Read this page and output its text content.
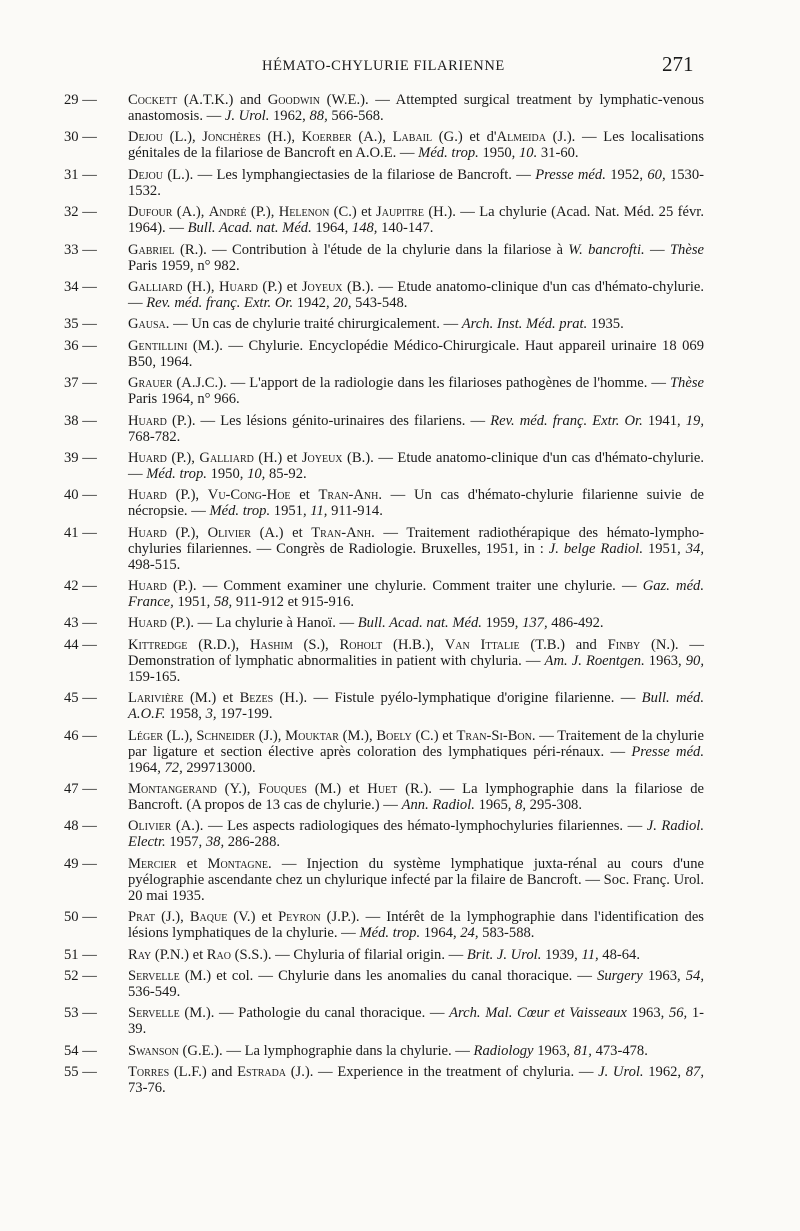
HÉMATO-CHYLURIE FILARIENNE	271
29 —	Cockett (A.T.K.) and Goodwin (W.E.). — Attempted surgical treatment by lymphatic-venous anastomosis. — J. Urol. 1962, 88, 566-568.
30 —	Dejou (L.), Jonchères (H.), Koerber (A.), Labail (G.) et d'Almeida (J.). — Les localisations génitales de la filariose de Bancroft en A.O.E. — Méd. trop. 1950, 10. 31-60.
31 —	Dejou (L.). — Les lymphangiectasies de la filariose de Bancroft. — Presse méd. 1952, 60, 1530-1532.
32 —	Dufour (A.), André (P.), Helenon (C.) et Jaupitre (H.). — La chylurie (Acad. Nat. Méd. 25 févr. 1964). — Bull. Acad. nat. Méd. 1964, 148, 140-147.
33 —	Gabriel (R.). — Contribution à l'étude de la chylurie dans la filariose à W. bancrofti. — Thèse Paris 1959, n° 982.
34 —	Galliard (H.), Huard (P.) et Joyeux (B.). — Etude anatomo-clinique d'un cas d'hémato-chylurie. — Rev. méd. franç. Extr. Or. 1942, 20, 543-548.
35 —	Gausa. — Un cas de chylurie traité chirurgicalement. — Arch. Inst. Méd. prat. 1935.
36 —	Gentillini (M.). — Chylurie. Encyclopédie Médico-Chirurgicale. Haut appareil urinaire 18 069 B50, 1964.
37 —	Grauer (A.J.C.). — L'apport de la radiologie dans les filarioses pathogènes de l'homme. — Thèse Paris 1964, n° 966.
38 —	Huard (P.). — Les lésions génito-urinaires des filariens. — Rev. méd. franç. Extr. Or. 1941, 19, 768-782.
39 —	Huard (P.), Galliard (H.) et Joyeux (B.). — Etude anatomo-clinique d'un cas d'hémato-chylurie. — Méd. trop. 1950, 10, 85-92.
40 —	Huard (P.), Vu-Cong-Hoe et Tran-Anh. — Un cas d'hémato-chylurie filarienne suivie de nécropsie. — Méd. trop. 1951, 11, 911-914.
41 —	Huard (P.), Olivier (A.) et Tran-Anh. — Traitement radiothérapique des hémato-lympho-chyluries filariennes. — Congrès de Radiologie. Bruxelles, 1951, in : J. belge Radiol. 1951, 34, 498-515.
42 —	Huard (P.). — Comment examiner une chylurie. Comment traiter une chylurie. — Gaz. méd. France, 1951, 58, 911-912 et 915-916.
43 —	Huard (P.). — La chylurie à Hanoï. — Bull. Acad. nat. Méd. 1959, 137, 486-492.
44 —	Kittredge (R.D.), Hashim (S.), Roholt (H.B.), Van Ittalie (T.B.) and Finby (N.). — Demonstration of lymphatic abnormalities in patient with chyluria. — Am. J. Roentgen. 1963, 90, 159-165.
45 —	Larivière (M.) et Bezes (H.). — Fistule pyélo-lymphatique d'origine filarienne. — Bull. méd. A.O.F. 1958, 3, 197-199.
46 —	Léger (L.), Schneider (J.), Mouktar (M.), Boely (C.) et Tran-Si-Bon. — Traitement de la chylurie par ligature et section élective après coloration des lymphatiques péri-rénaux. — Presse méd. 1964, 72, 299713000.
47 —	Montangerand (Y.), Fouques (M.) et Huet (R.). — La lymphographie dans la filariose de Bancroft. (A propos de 13 cas de chylurie.) — Ann. Radiol. 1965, 8, 295-308.
48 —	Olivier (A.). — Les aspects radiologiques des hémato-lymphochyluries filariennes. — J. Radiol. Electr. 1957, 38, 286-288.
49 —	Mercier et Montagne. — Injection du système lymphatique juxta-rénal au cours d'une pyélographie ascendante chez un chylurique infecté par la filaire de Bancroft. — Soc. Franç. Urol. 20 mai 1935.
50 —	Prat (J.), Baque (V.) et Peyron (J.P.). — Intérêt de la lymphographie dans l'identification des lésions lymphatiques de la chylurie. — Méd. trop. 1964, 24, 583-588.
51 —	Ray (P.N.) et Rao (S.S.). — Chyluria of filarial origin. — Brit. J. Urol. 1939, 11, 48-64.
52 —	Servelle (M.) et col. — Chylurie dans les anomalies du canal thoracique. — Surgery 1963, 54, 536-549.
53 —	Servelle (M.). — Pathologie du canal thoracique. — Arch. Mal. Cœur et Vaisseaux 1963, 56, 1-39.
54 —	Swanson (G.E.). — La lymphographie dans la chylurie. — Radiology 1963, 81, 473-478.
55 —	Torres (L.F.) and Estrada (J.). — Experience in the treatment of chyluria. — J. Urol. 1962, 87, 73-76.
